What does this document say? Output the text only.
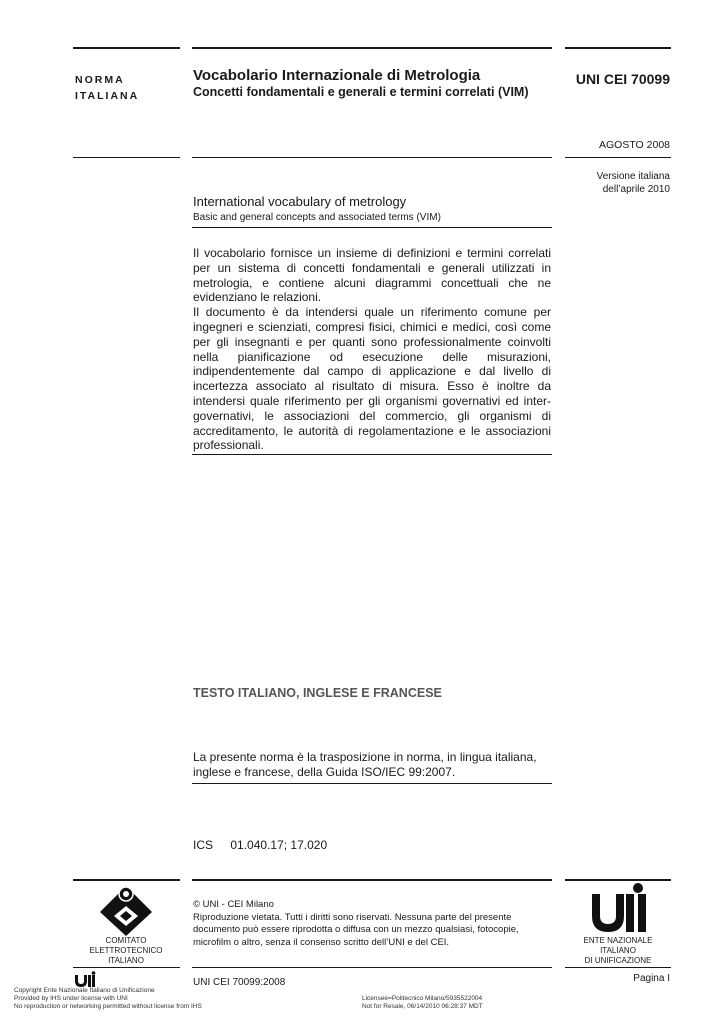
NORMA
ITALIANA
Vocabolario Internazionale di Metrologia
Concetti fondamentali e generali e termini correlati (VIM)
UNI CEI 70099
AGOSTO 2008
Versione italiana
dell’aprile 2010
International vocabulary of metrology
Basic and general concepts and associated terms (VIM)
Il vocabolario fornisce un insieme di definizioni e termini correlati per un sistema di concetti fondamentali e generali utilizzati in metrologia, e contiene alcuni diagrammi concettuali che ne evidenziano le relazioni.
Il documento è da intendersi quale un riferimento comune per ingegneri e scienziati, compresi fisici, chimici e medici, così come per gli insegnanti e per quanti sono professionalmente coinvolti nella pianificazione od esecuzione delle misurazioni, indipendentemente dal campo di applicazione e dal livello di incertezza associato al risultato di misura. Esso è inoltre da intendersi quale riferimento per gli organismi governativi ed inter-governativi, le associazioni del commercio, gli organismi di accreditamento, le autorità di regolamentazione e le associazioni professionali.
TESTO ITALIANO, INGLESE E FRANCESE
La presente norma è la trasposizione in norma, in lingua italiana, inglese e francese, della Guida ISO/IEC 99:2007.
ICS 01.040.17; 17.020
COMITATO
ELETTROTECNICO
ITALIANO
© UNI - CEI Milano
Riproduzione vietata. Tutti i diritti sono riservati. Nessuna parte del presente documento può essere riprodotta o diffusa con un mezzo qualsiasi, fotocopie, microfilm o altro, senza il consenso scritto dell’UNI e del CEI.	ENTE NAZIONALE
ITALIANO
DI UNIFICAZIONE
UNI CEI 70099:2008	Pagina I
Copyright Ente Nazionale Italiano di Unificazione
Provided by IHS under license with UNI
No reproduction or networking permitted without license from IHS
Licensee=Politecnico Milano/5935522004
Not for Resale, 06/14/2010 06:28:37 MDT
